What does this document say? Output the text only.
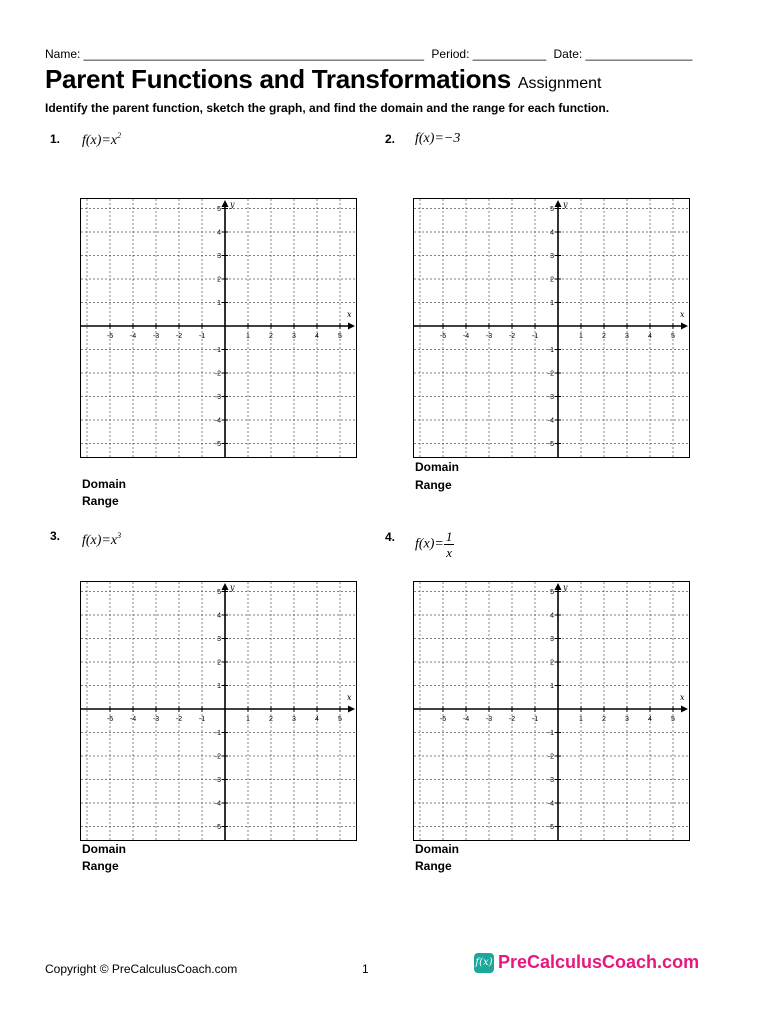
Name: ___________________________________________________ Period: ___________ Date: ________________
Parent Functions and Transformations Assignment
Identify the parent function, sketch the graph, and find the domain and the range for each function.
1. $f(x)=x^2$	2. f(x)=−3
3. $f(x)=x^3$	4. $f(x)= \frac{1}{x}$
x
y
-5
-5
-4
-4
-3
-3
-2
-2
-1
-1
1
1
2
2
3
3
4
4
5
5
x
y
-5
-5
-4
-4
-3
-3
-2
-2
-1
-1
1
1
2
2
3
3
4
4
5
5
x
y
-5
-5
-4
-4
-3
-3
-2
-2
-1
-1
1
1
2
2
3
3
4
4
5
5
x
y
-5
-5
-4
-4
-3
-3
-2
-2
-1
-1
1
1
2
2
3
3
4
4
5
5
Domain
Range
Domain
Range
Domain
Range
Domain
Range
Copyright © PreCalculusCoach.com	1	f(x) PreCalculusCoach.com
